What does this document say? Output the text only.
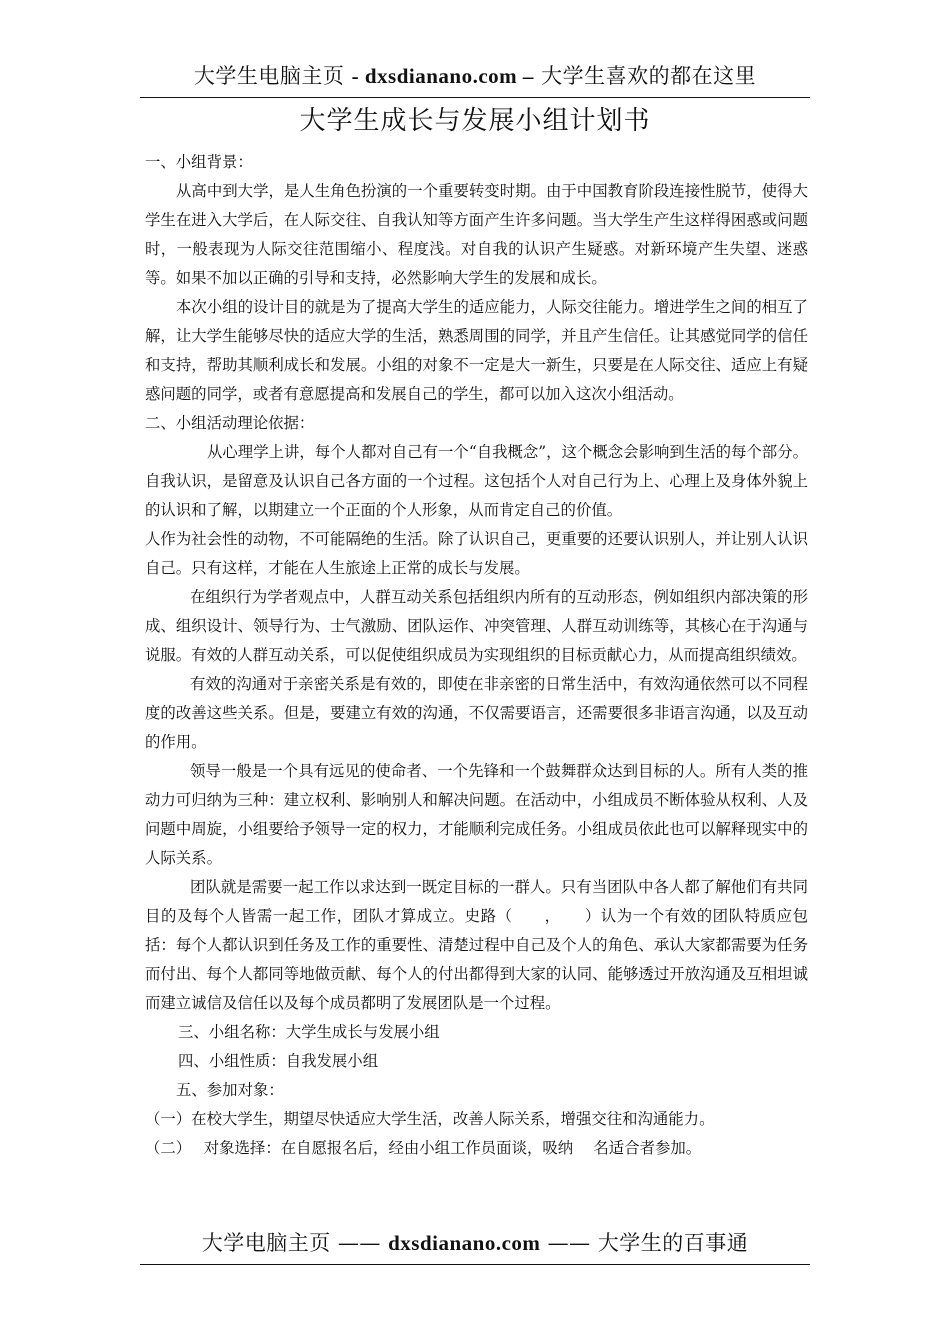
大学生电脑主页 - dxsdianano.com – 大学生喜欢的都在这里
大学生成长与发展小组计划书

一、小组背景：

从高中到大学，是人生角色扮演的一个重要转变时期。由于中国教育阶段连接性脱节，使得大学生在进入大学后，在人际交往、自我认知等方面产生许多问题。当大学生产生这样得困惑或问题时，一般表现为人际交往范围缩小、程度浅。对自我的认识产生疑惑。对新环境产生失望、迷惑等。如果不加以正确的引导和支持，必然影响大学生的发展和成长。

本次小组的设计目的就是为了提高大学生的适应能力，人际交往能力。增进学生之间的相互了解，让大学生能够尽快的适应大学的生活，熟悉周围的同学，并且产生信任。让其感觉同学的信任和支持，帮助其顺利成长和发展。小组的对象不一定是大一新生，只要是在人际交往、适应上有疑惑问题的同学，或者有意愿提高和发展自己的学生，都可以加入这次小组活动。

二、小组活动理论依据：

从心理学上讲，每个人都对自己有一个“自我概念”，这个概念会影响到生活的每个部分。自我认识，是留意及认识自己各方面的一个过程。这包括个人对自己行为上、心理上及身体外貌上的认识和了解，以期建立一个正面的个人形象，从而肯定自己的价值。

人作为社会性的动物，不可能隔绝的生活。除了认识自己，更重要的还要认识别人，并让别人认识自己。只有这样，才能在人生旅途上正常的成长与发展。

在组织行为学者观点中，人群互动关系包括组织内所有的互动形态，例如组织内部决策的形成、组织设计、领导行为、士气激励、团队运作、冲突管理、人群互动训练等，其核心在于沟通与说服。有效的人群互动关系，可以促使组织成员为实现组织的目标贡献心力，从而提高组织绩效。

有效的沟通对于亲密关系是有效的，即使在非亲密的日常生活中，有效沟通依然可以不同程度的改善这些关系。但是，要建立有效的沟通，不仅需要语言，还需要很多非语言沟通，以及互动的作用。

领导一般是一个具有远见的使命者、一个先锋和一个鼓舞群众达到目标的人。所有人类的推动力可归纳为三种：建立权利、影响别人和解决问题。在活动中，小组成员不断体验从权利、人及问题中周旋，小组要给予领导一定的权力，才能顺利完成任务。小组成员依此也可以解释现实中的人际关系。

团队就是需要一起工作以求达到一既定目标的一群人。只有当团队中各人都了解他们有共同目的及每个人皆需一起工作，团队才算成立。史路（　　，　　）认为一个有效的团队特质应包括：每个人都认识到任务及工作的重要性、清楚过程中自己及个人的角色、承认大家都需要为任务而付出、每个人都同等地做贡献、每个人的付出都得到大家的认同、能够透过开放沟通及互相坦诚而建立诚信及信任以及每个成员都明了发展团队是一个过程。

三、小组名称：大学生成长与发展小组

四、小组性质：自我发展小组

五、参加对象：

（一）在校大学生，期望尽快适应大学生活，改善人际关系，增强交往和沟通能力。

（二）　 对象选择：在自愿报名后，经由小组工作员面谈，吸纳　 名适合者参加。

大学电脑主页 —— dxsdianano.com —— 大学生的百事通
